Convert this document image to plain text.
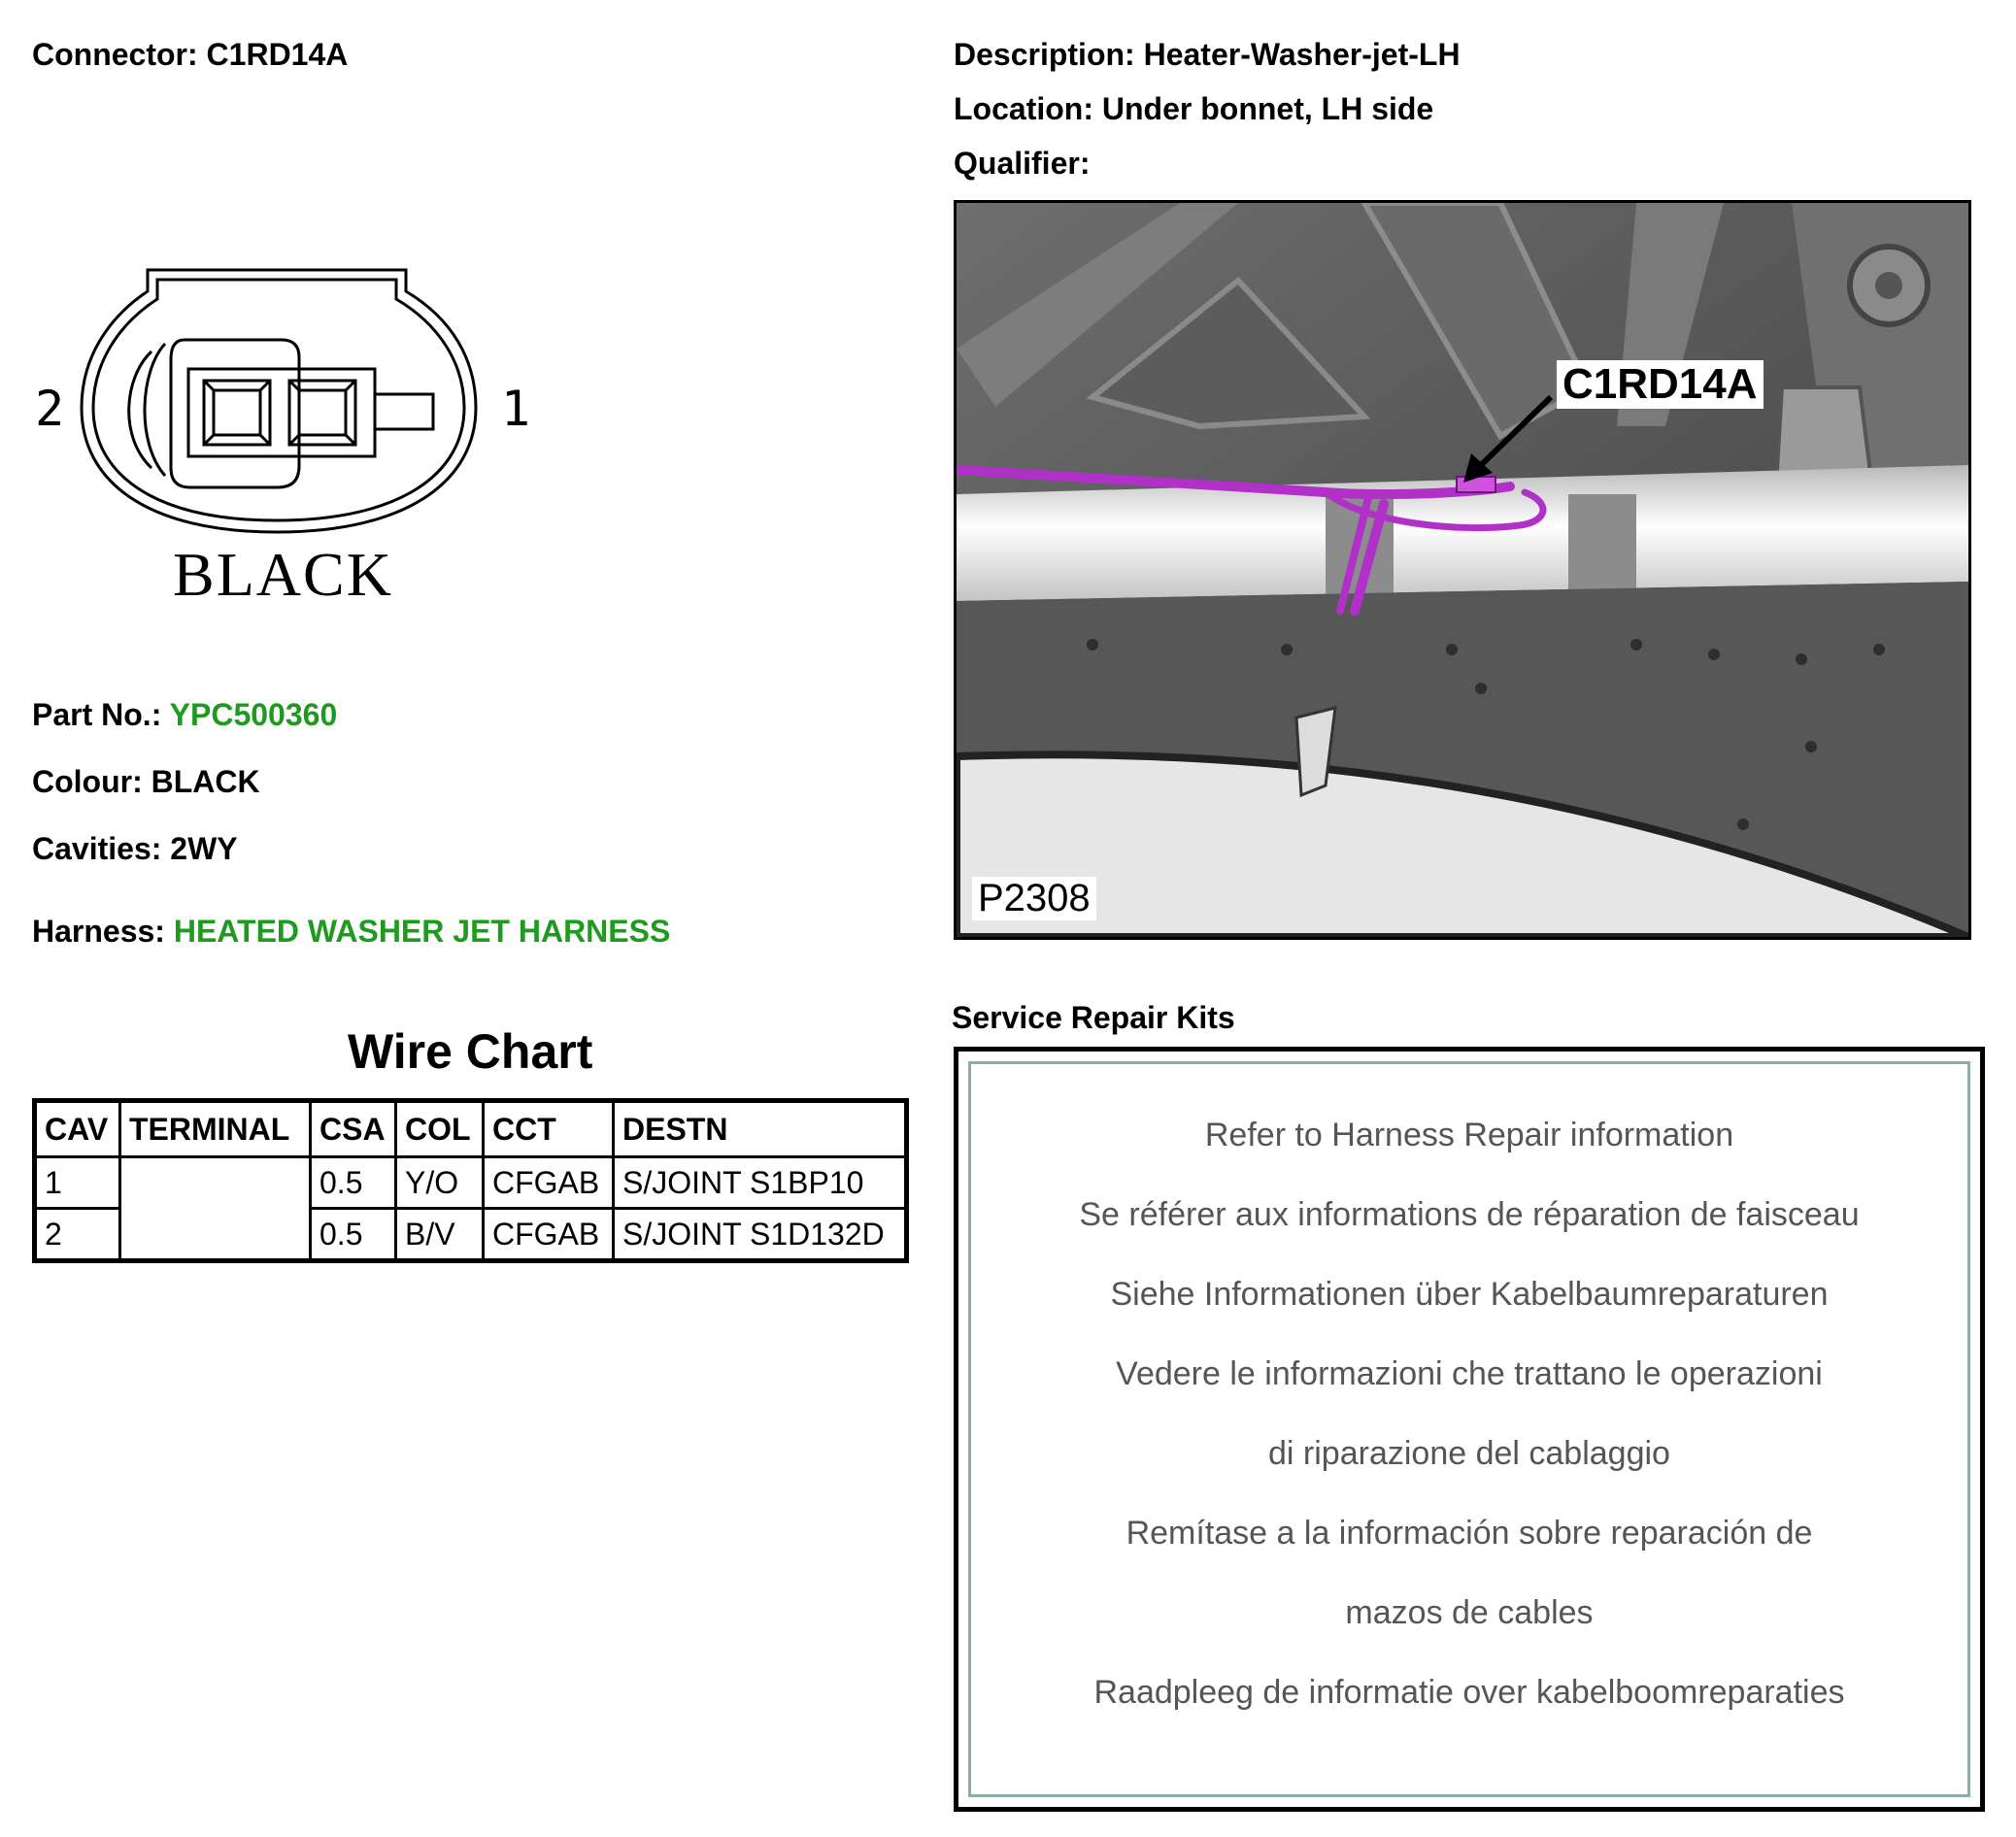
Connector: C1RD14A	Description: Heater-Washer-jet-LH
Location: Under bonnet, LH side
Qualifier:
2	1
BLACK
Part No.: YPC500360
Colour: BLACK
Cavities: 2WY
Harness: HEATED WASHER JET HARNESS
Wire Chart
CAV	TERMINAL	CSA	COL	CCT	DESTN
1		0.5	Y/O	CFGAB	S/JOINT S1BP10
2		0.5	B/V	CFGAB	S/JOINT S1D132D
C1RD14A
P2308
Service Repair Kits
Refer to Harness Repair information
Se référer aux informations de réparation de faisceau
Siehe Informationen über Kabelbaumreparaturen
Vedere le informazioni che trattano le operazioni
di riparazione del cablaggio
Remítase a la información sobre reparación de
mazos de cables
Raadpleeg de informatie over kabelboomreparaties
